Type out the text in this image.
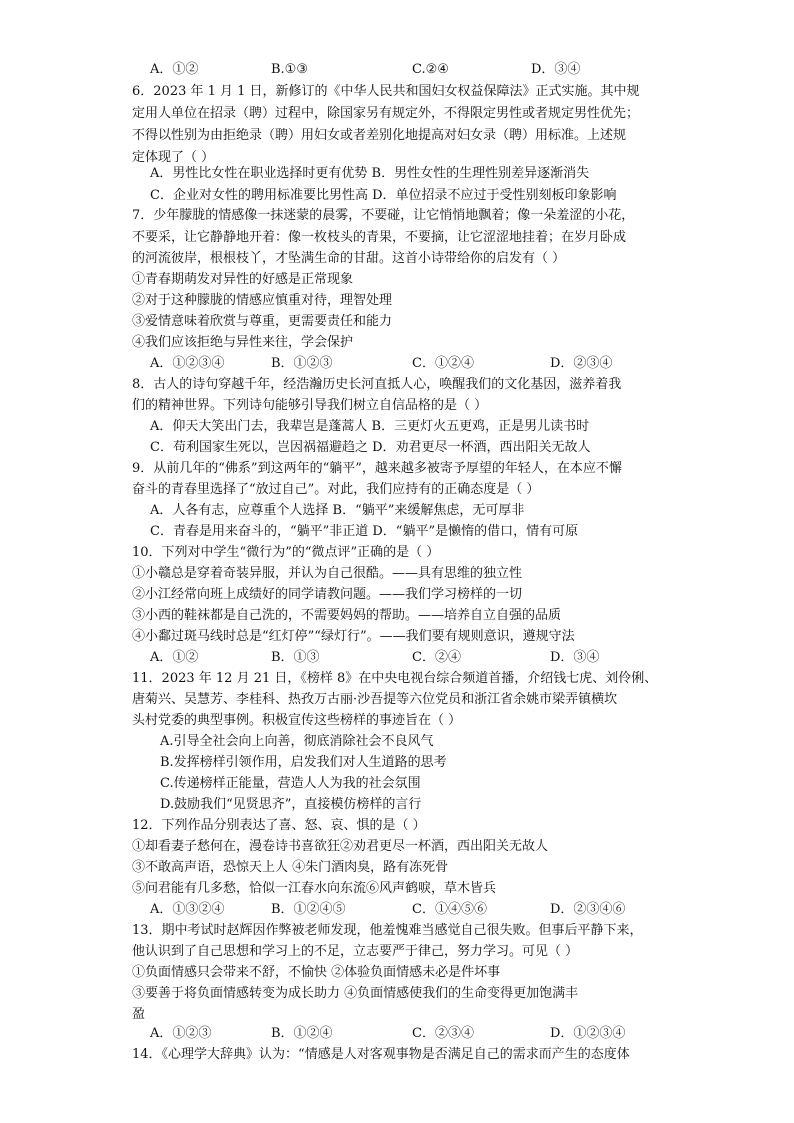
A．①②	B.①③	C.②④	D．③④
6．2023 年 1 月 1 日，新修订的《中华人民共和国妇女权益保障法》正式实施。其中规
定用人单位在招录（聘）过程中，除国家另有规定外，不得限定男性或者规定男性优先；
不得以性别为由拒绝录（聘）用妇女或者差别化地提高对妇女录（聘）用标准。上述规
定体现了（ ）
A．男性比女性在职业选择时更有优势 B．男性女性的生理性别差异逐渐消失
C．企业对女性的聘用标准要比男性高 D．单位招录不应过于受性别刻板印象影响
7．少年朦胧的情感像一抹迷蒙的晨雾，不要碰，让它悄悄地飘着；像一朵羞涩的小花，
不要采，让它静静地开着：像一枚枝头的青果，不要摘，让它涩涩地挂着；在岁月卧成
的河流彼岸，根根枝丫，才坠满生命的甘甜。这首小诗带给你的启发有（ ）
①青春期萌发对异性的好感是正常现象
②对于这种朦胧的情感应慎重对待，理智处理
③爱情意味着欣赏与尊重，更需要责任和能力
④我们应该拒绝与异性来往，学会保护
A．①②③④	B．①②③	C．①②④	D．②③④
8．古人的诗句穿越千年，经浩瀚历史长河直抵人心，唤醒我们的文化基因，滋养着我
们的精神世界。下列诗句能够引导我们树立自信品格的是（ ）
A．仰天大笑出门去，我辈岂是蓬蒿人 B．三更灯火五更鸡，正是男儿读书时
C．苟利国家生死以，岂因祸福避趋之 D．劝君更尽一杯酒，西出阳关无故人
9．从前几年的“佛系”到这两年的“躺平”，越来越多被寄予厚望的年轻人，在本应不懈
奋斗的青春里选择了“放过自己”。对此，我们应持有的正确态度是（ ）
A．人各有志，应尊重个人选择 B．“躺平”来缓解焦虑，无可厚非
C．青春是用来奋斗的，“躺平”非正道 D．“躺平”是懒惰的借口，情有可原
10．下列对中学生“微行为”的“微点评”正确的是（ ）
①小赣总是穿着奇装异服，并认为自己很酷。——具有思维的独立性
②小江经常向班上成绩好的同学请教问题。——我们学习榜样的一切
③小西的鞋袜都是自己洗的，不需要妈妈的帮助。——培养自立自强的品质
④小鄱过斑马线时总是“红灯停”“绿灯行”。——我们要有规则意识，遵规守法
A．①②	B．①③	C．②④	D．③④
11．2023 年 12 月 21 日，《榜样 8》在中央电视台综合频道首播，介绍钱七虎、刘伶俐、
唐菊兴、吴慧芳、李桂科、热孜万古丽·沙吾提等六位党员和浙江省余姚市梁弄镇横坎
头村党委的典型事例。积极宣传这些榜样的事迹旨在（ ）
A.引导全社会向上向善，彻底消除社会不良风气
B.发挥榜样引领作用，启发我们对人生道路的思考
C.传递榜样正能量，营造人人为我的社会氛围
D.鼓励我们“见贤思齐”，直接模仿榜样的言行
12．下列作品分别表达了喜、怒、哀、惧的是（ ）
①却看妻子愁何在，漫卷诗书喜欲狂②劝君更尽一杯酒，西出阳关无故人
③不敢高声语，恐惊天上人 ④朱门酒肉臭，路有冻死骨
⑤问君能有几多愁，恰似一江春水向东流⑥风声鹤唳，草木皆兵
A．①③②④	B．①②④⑤	C．①④⑤⑥	D．②③④⑥
13．期中考试时赵辉因作弊被老师发现，他羞愧难当感觉自己很失败。但事后平静下来，
他认识到了自己思想和学习上的不足，立志要严于律己，努力学习。可见（ ）
①负面情感只会带来不舒，不愉快 ②体验负面情感未必是件坏事
③要善于将负面情感转变为成长助力 ④负面情感使我们的生命变得更加饱满丰
盈
A．①②③	B．①②④	C．②③④	D．①②③④
14．《心理学大辞典》认为：“情感是人对客观事物是否满足自己的需求而产生的态度体
